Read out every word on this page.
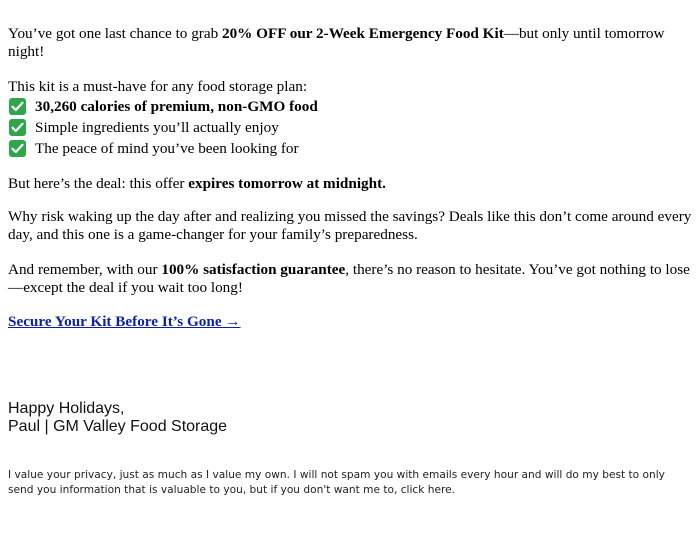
You’ve got one last chance to grab 20% OFF our 2-Week Emergency Food Kit—but only until tomorrow night!

This kit is a must-have for any food storage plan:

30,260 calories of premium, non-GMO food
Simple ingredients you’ll actually enjoy
The peace of mind you’ve been looking for

But here’s the deal: this offer expires tomorrow at midnight.

Why risk waking up the day after and realizing you missed the savings? Deals like this don’t come around every day, and this one is a game-changer for your family’s preparedness.

And remember, with our 100% satisfaction guarantee, there’s no reason to hesitate. You’ve got nothing to lose—except the deal if you wait too long!

Secure Your Kit Before It’s Gone →

Happy Holidays,
Paul | GM Valley Food Storage

I value your privacy, just as much as I value my own. I will not spam you with emails every hour and will do my best to only send you information that is valuable to you, but if you don't want me to, click here.
